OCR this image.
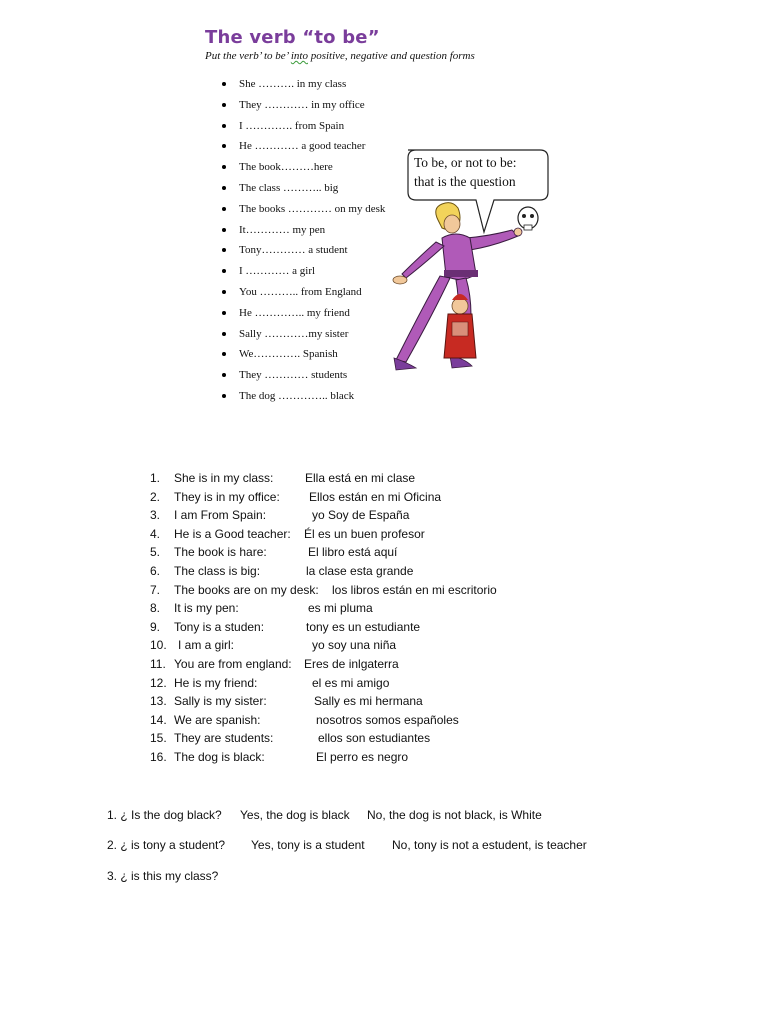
The verb “to be”
Put the verb’ to be’ into positive, negative and question forms
She ………. in my class
They ………… in my office
I …………. from Spain
He ………… a good teacher
The book………here
The class ……….. big
The books ………… on my desk
It………… my pen
Tony………… a student
I ………… a girl
You ……….. from England
He ………….. my friend
Sally …………my sister
We…………. Spanish
They ………… students
The dog ………….. black
To be, or not to be:
that is the question
1. She is in my class:	Ella está en mi clase
2. They is in my office: Ellos están en mi Oficina
3. I am From Spain:	yo Soy de España
4. He is a Good teacher: Él es un buen profesor
5. The book is hare:	El libro está aquí
6. The class is big:	la clase esta grande
7. The books are on my desk: los libros están en mi escritorio
8. It is my pen:	es mi pluma
9. Tony is a studen:	tony es un estudiante
10. I am a girl:	yo soy una niña
11. You are from england: Eres de inlgaterra
12. He is my friend:	el es mi amigo
13. Sally is my sister:	Sally es mi hermana
14. We are spanish:	nosotros somos españoles
15. They are students:	ellos son estudiantes
16. The dog is black:	El perro es negro
1. ¿ Is the dog black? Yes, the dog is black No, the dog is not black, is White
2. ¿ is tony a student? Yes, tony is a student No, tony is not a estudent, is teacher
3. ¿ is this my class?
